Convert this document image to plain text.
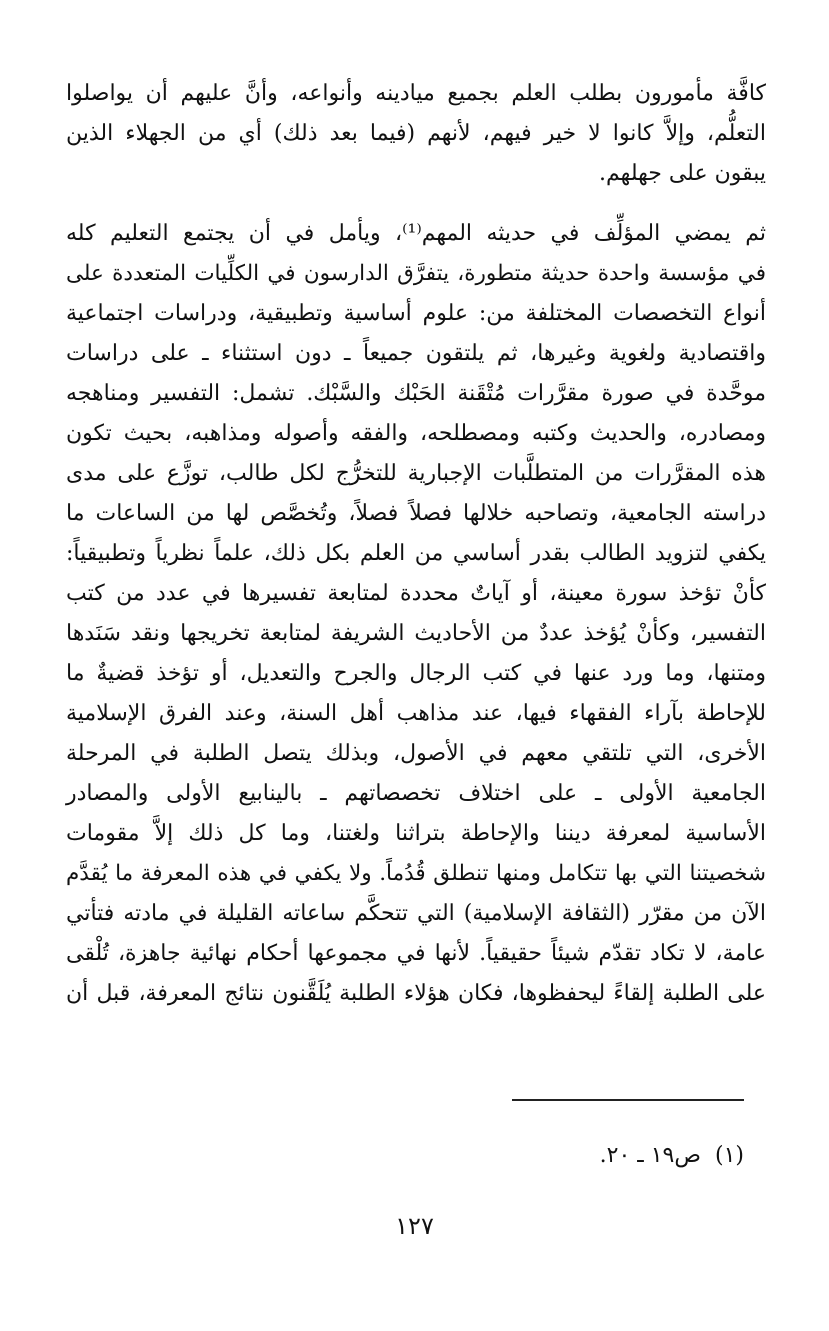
كافَّة مأمورون بطلب العلم بجميع ميادينه وأنواعه، وأنَّ عليهم أن يواصلوا
التعلُّم، وإلاَّ كانوا لا خير فيهم، لأنهم (فيما بعد ذلك) أي من الجهلاء الذين
يبقون على جهلهم.
ثم يمضي المؤلِّف في حديثه المهم⁽¹⁾، ويأمل في أن يجتمع التعليم كله
في مؤسسة واحدة حديثة متطورة، يتفرَّق الدارسون في الكلِّيات المتعددة على
أنواع التخصصات المختلفة من: علوم أساسية وتطبيقية، ودراسات اجتماعية
واقتصادية ولغوية وغيرها، ثم يلتقون جميعاً ـ دون استثناء ـ على دراسات
موحَّدة في صورة مقرَّرات مُتْقَنة الحَبْك والسَّبْك. تشمل: التفسير ومناهجه
ومصادره، والحديث وكتبه ومصطلحه، والفقه وأصوله ومذاهبه، بحيث تكون
هذه المقرَّرات من المتطلَّبات الإجبارية للتخرُّج لكل طالب، توزَّع على مدى
دراسته الجامعية، وتصاحبه خلالها فصلاً فصلاً، وتُخصَّص لها من الساعات ما
يكفي لتزويد الطالب بقدر أساسي من العلم بكل ذلك، علماً نظرياً وتطبيقياً:
كأنْ تؤخذ سورة معينة، أو آياتٌ محددة لمتابعة تفسيرها في عدد من كتب
التفسير، وكأنْ يُؤخذ عددٌ من الأحاديث الشريفة لمتابعة تخريجها ونقد سَنَدها
ومتنها، وما ورد عنها في كتب الرجال والجرح والتعديل، أو تؤخذ قضيةٌ ما
للإحاطة بآراء الفقهاء فيها، عند مذاهب أهل السنة، وعند الفرق الإسلامية
الأخرى، التي تلتقي معهم في الأصول، وبذلك يتصل الطلبة في المرحلة
الجامعية الأولى ـ على اختلاف تخصصاتهم ـ بالينابيع الأولى والمصادر
الأساسية لمعرفة ديننا والإحاطة بتراثنا ولغتنا، وما كل ذلك إلاَّ مقومات
شخصيتنا التي بها تتكامل ومنها تنطلق قُدُماً. ولا يكفي في هذه المعرفة ما يُقدَّم
الآن من مقرّر (الثقافة الإسلامية) التي تتحكَّم ساعاته القليلة في مادته فتأتي
عامة، لا تكاد تقدّم شيئاً حقيقياً. لأنها في مجموعها أحكام نهائية جاهزة، تُلْقى
على الطلبة إلقاءً ليحفظوها، فكان هؤلاء الطلبة يُلَقَّنون نتائج المعرفة، قبل أن
(١)ص١٩ ـ ٢٠.
١٢٧
